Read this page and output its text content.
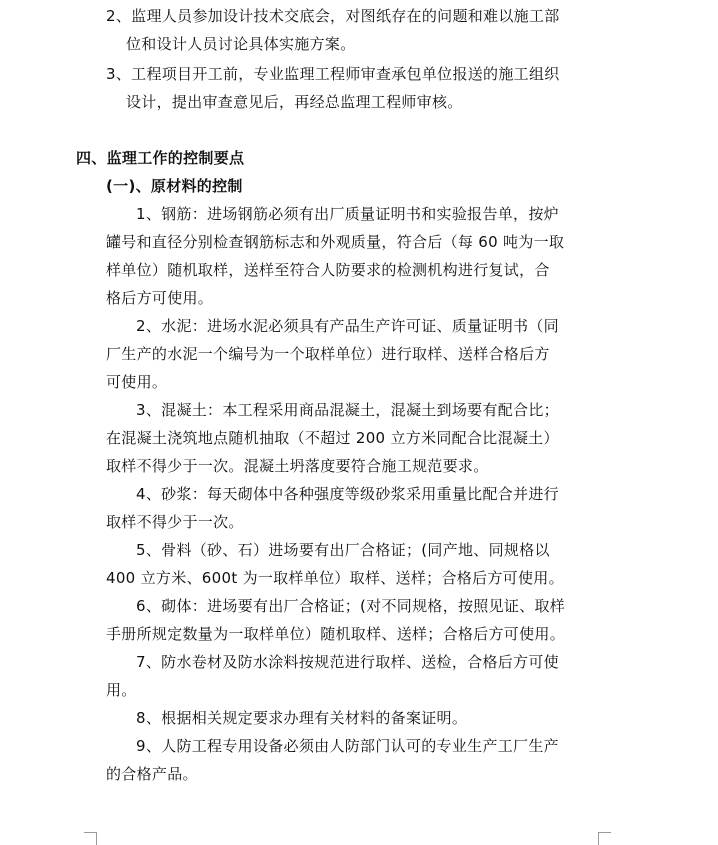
2、监理人员参加设计技术交底会，对图纸存在的问题和难以施工部
位和设计人员讨论具体实施方案。
3、工程项目开工前，专业监理工程师审查承包单位报送的施工组织
设计，提出审查意见后，再经总监理工程师审核。
四、监理工作的控制要点
(一)、原材料的控制
1、钢筋：进场钢筋必须有出厂质量证明书和实验报告单，按炉
罐号和直径分别检查钢筋标志和外观质量，符合后（每 60 吨为一取
样单位）随机取样，送样至符合人防要求的检测机构进行复试，合
格后方可使用。
2、水泥：进场水泥必须具有产品生产许可证、质量证明书（同
厂生产的水泥一个编号为一个取样单位）进行取样、送样合格后方
可使用。
3、混凝土：本工程采用商品混凝土，混凝土到场要有配合比；
在混凝土浇筑地点随机抽取（不超过 200 立方米同配合比混凝土）
取样不得少于一次。混凝土坍落度要符合施工规范要求。
4、砂浆：每天砌体中各种强度等级砂浆采用重量比配合并进行
取样不得少于一次。
5、骨料（砂、石）进场要有出厂合格证；(同产地、同规格以
400 立方米、600t 为一取样单位）取样、送样；合格后方可使用。
6、砌体：进场要有出厂合格证；(对不同规格，按照见证、取样
手册所规定数量为一取样单位）随机取样、送样；合格后方可使用。
7、防水卷材及防水涂料按规范进行取样、送检，合格后方可使
用。
8、根据相关规定要求办理有关材料的备案证明。
9、人防工程专用设备必须由人防部门认可的专业生产工厂生产
的合格产品。
